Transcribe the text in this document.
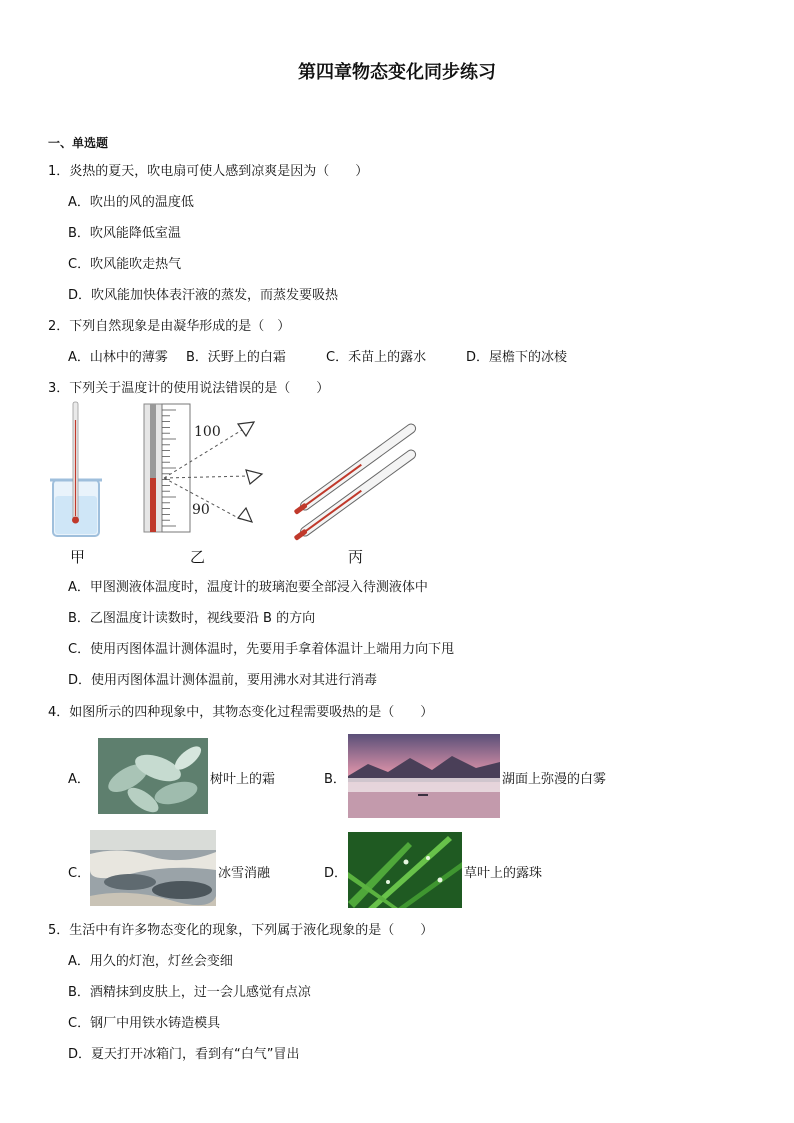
第四章物态变化同步练习
一、单选题
1．炎热的夏天，吹电扇可使人感到凉爽是因为（　　）
A．吹出的风的温度低
B．吹风能降低室温
C．吹风能吹走热气
D．吹风能加快体表汗液的蒸发，而蒸发要吸热
2．下列自然现象是由凝华形成的是（　）
A．山林中的薄雾 B．沃野上的白霜	C．禾苗上的露水	D．屋檐下的冰棱
3．下列关于温度计的使用说法错误的是（　　）
100
90
甲	乙	丙
A．甲图测液体温度时，温度计的玻璃泡要全部浸入待测液体中
B．乙图温度计读数时，视线要沿 B 的方向
C．使用丙图体温计测体温时，先要用手拿着体温计上端用力向下甩
D．使用丙图体温计测体温前，要用沸水对其进行消毒
4．如图所示的四种现象中，其物态变化过程需要吸热的是（　　）
A．	树叶上的霜	B．	湖面上弥漫的白雾
C．	冰雪消融	D．	草叶上的露珠
5．生活中有许多物态变化的现象，下列属于液化现象的是（　　）
A．用久的灯泡，灯丝会变细
B．酒精抹到皮肤上，过一会儿感觉有点凉
C．钢厂中用铁水铸造模具
D．夏天打开冰箱门，看到有“白气”冒出
